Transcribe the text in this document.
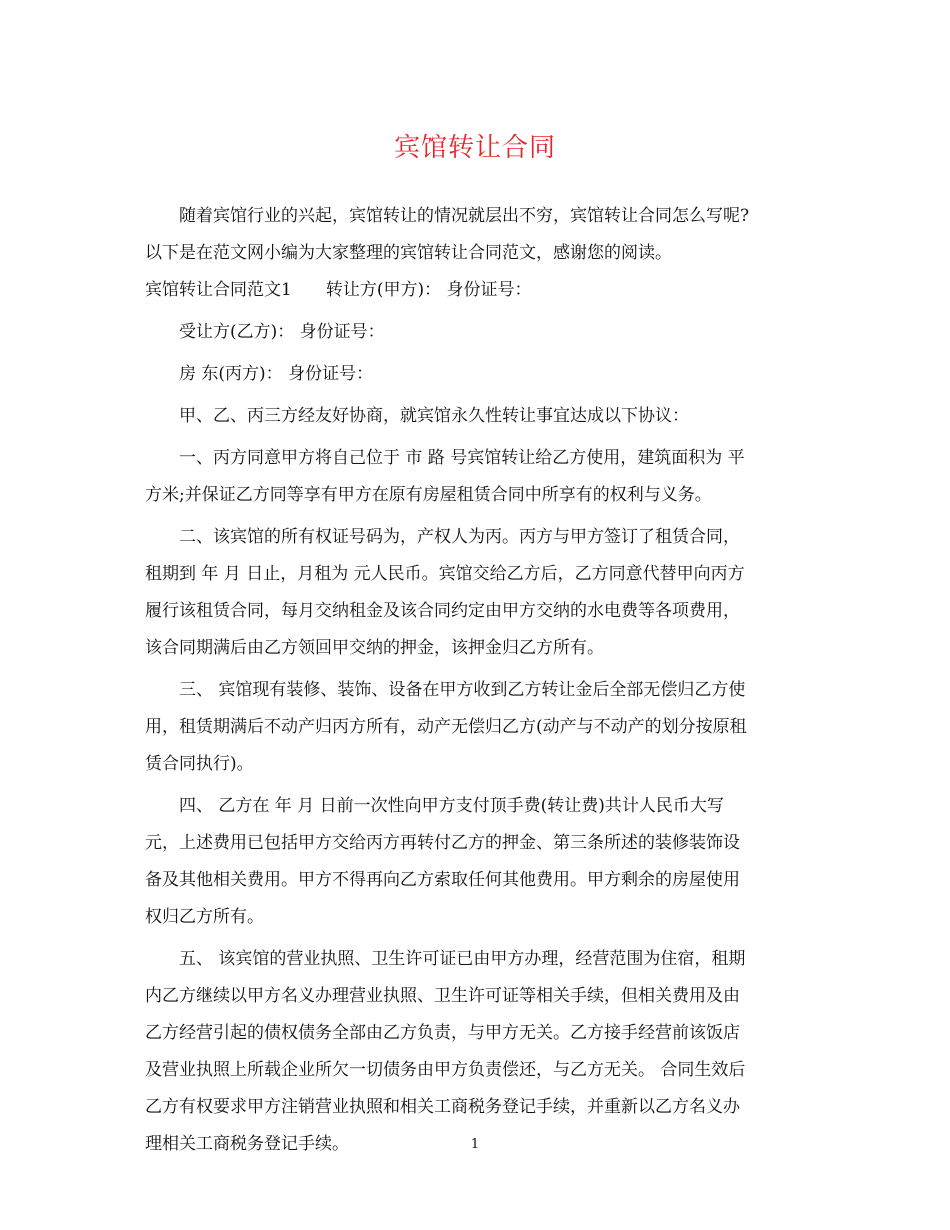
宾馆转让合同
随着宾馆行业的兴起，宾馆转让的情况就层出不穷，宾馆转让合同怎么写呢?
以下是在范文网小编为大家整理的宾馆转让合同范文，感谢您的阅读。
宾馆转让合同范文1　　转让方(甲方)： 身份证号：
受让方(乙方)： 身份证号：
房 东(丙方)： 身份证号：
甲、乙、丙三方经友好协商，就宾馆永久性转让事宜达成以下协议：
一、丙方同意甲方将自己位于 市 路 号宾馆转让给乙方使用，建筑面积为 平
方米;并保证乙方同等享有甲方在原有房屋租赁合同中所享有的权利与义务。
二、该宾馆的所有权证号码为，产权人为丙。丙方与甲方签订了租赁合同，
租期到 年 月 日止，月租为 元人民币。宾馆交给乙方后，乙方同意代替甲向丙方
履行该租赁合同，每月交纳租金及该合同约定由甲方交纳的水电费等各项费用，
该合同期满后由乙方领回甲交纳的押金，该押金归乙方所有。
三、 宾馆现有装修、装饰、设备在甲方收到乙方转让金后全部无偿归乙方使
用，租赁期满后不动产归丙方所有，动产无偿归乙方(动产与不动产的划分按原租
赁合同执行)。
四、 乙方在 年 月 日前一次性向甲方支付顶手费(转让费)共计人民币大写
元，上述费用已包括甲方交给丙方再转付乙方的押金、第三条所述的装修装饰设
备及其他相关费用。甲方不得再向乙方索取任何其他费用。甲方剩余的房屋使用
权归乙方所有。
五、 该宾馆的营业执照、卫生许可证已由甲方办理，经营范围为住宿，租期
内乙方继续以甲方名义办理营业执照、卫生许可证等相关手续，但相关费用及由
乙方经营引起的债权债务全部由乙方负责，与甲方无关。乙方接手经营前该饭店
及营业执照上所载企业所欠一切债务由甲方负责偿还，与乙方无关。 合同生效后
乙方有权要求甲方注销营业执照和相关工商税务登记手续，并重新以乙方名义办
理相关工商税务登记手续。	1
